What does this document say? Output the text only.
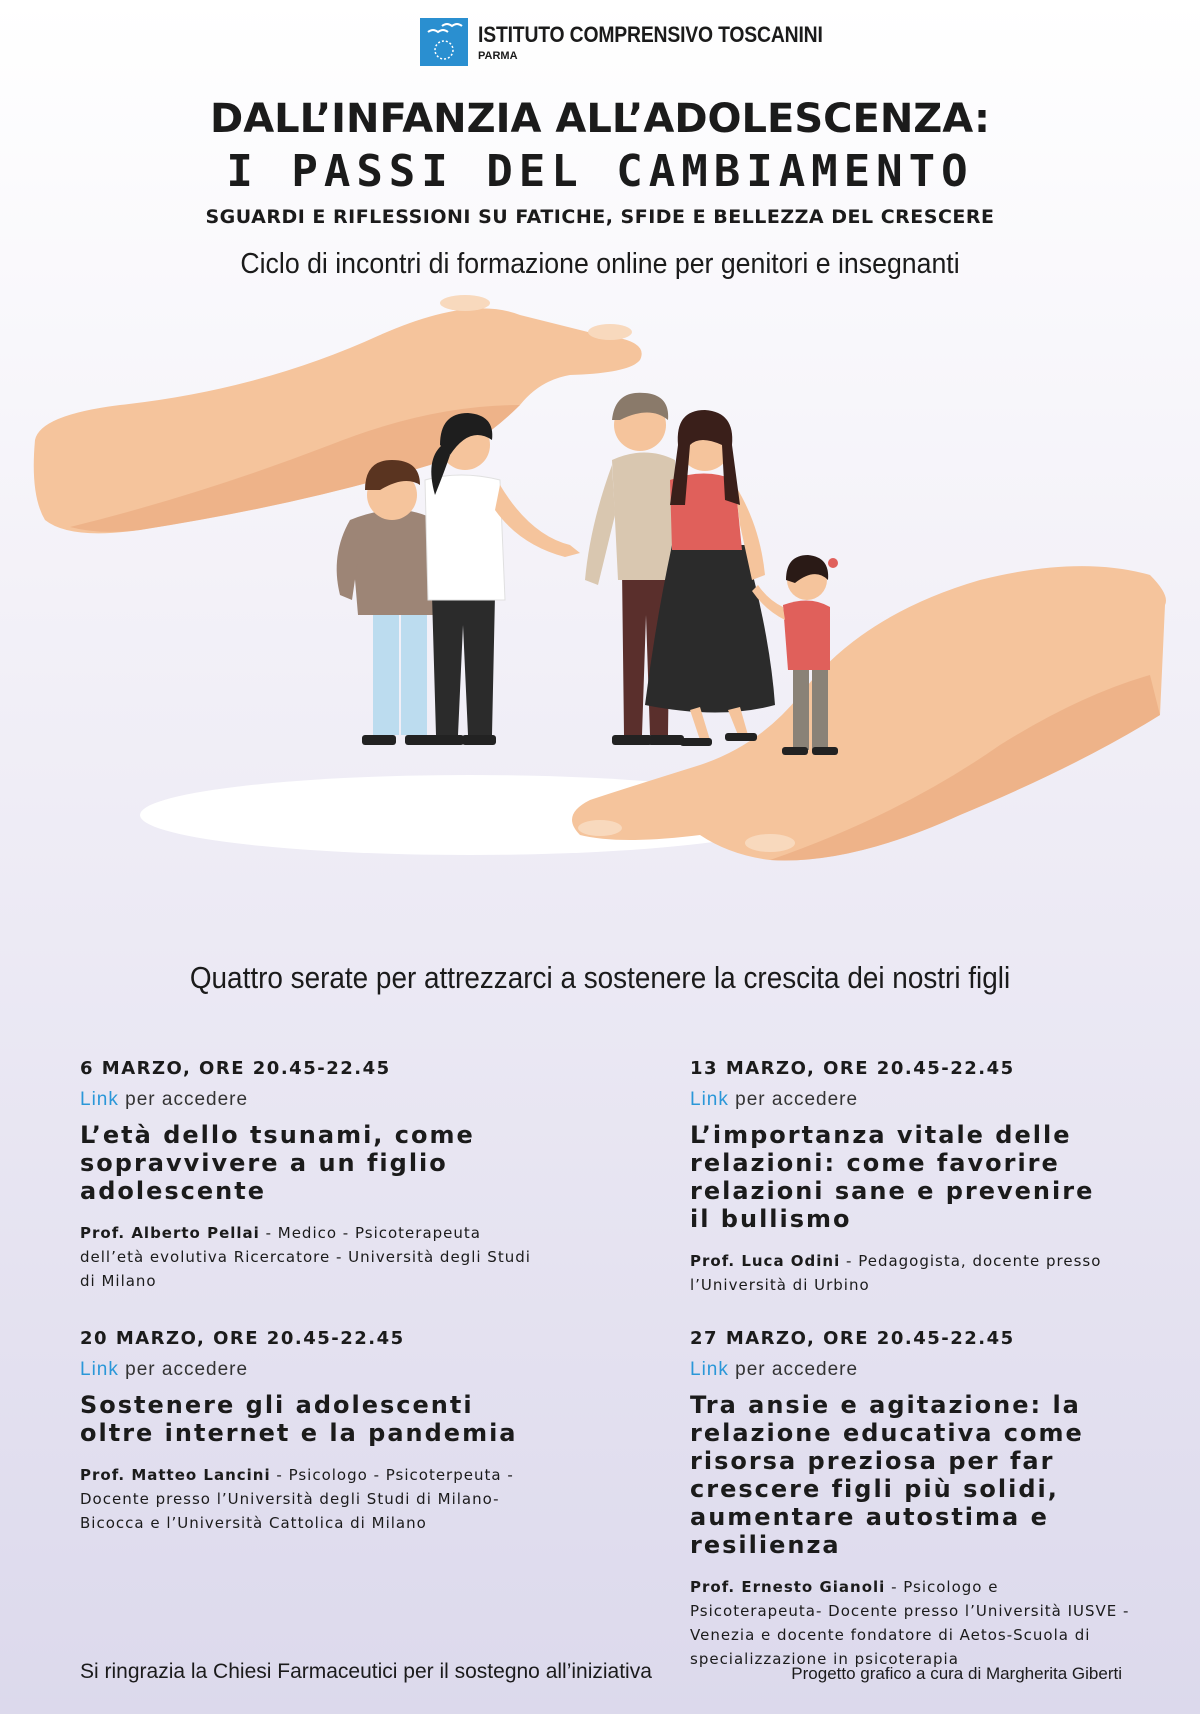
ISTITUTO COMPRENSIVO TOSCANINI
PARMA
DALL’INFANZIA ALL’ADOLESCENZA:
I PASSI DEL CAMBIAMENTO
SGUARDI E RIFLESSIONI SU FATICHE, SFIDE E BELLEZZA DEL CRESCERE
Ciclo di incontri di formazione online per genitori e insegnanti
Quattro serate per attrezzarci a sostenere la crescita dei nostri figli
6 MARZO, ORE 20.45-22.45
Link per accedere
L’età dello tsunami, come sopravvivere a un figlio adolescente
Prof. Alberto Pellai - Medico - Psicoterapeuta dell’età evolutiva Ricercatore - Università degli Studi di Milano
13 MARZO, ORE 20.45-22.45
Link per accedere
L’importanza vitale delle relazioni: come favorire relazioni sane e prevenire il bullismo
Prof. Luca Odini - Pedagogista, docente presso l’Università di Urbino
20 MARZO, ORE 20.45-22.45
Link per accedere
Sostenere gli adolescenti oltre internet e la pandemia
Prof. Matteo Lancini - Psicologo - Psicoterpeuta - Docente presso l’Università degli Studi di Milano-Bicocca e l’Università Cattolica di Milano
27 MARZO, ORE 20.45-22.45
Link per accedere
Tra ansie e agitazione: la relazione educativa come risorsa preziosa per far crescere figli più solidi, aumentare autostima e resilienza
Prof. Ernesto Gianoli - Psicologo e Psicoterapeuta- Docente presso l’Università IUSVE - Venezia e docente fondatore di Aetos-Scuola di specializzazione in psicoterapia
Si ringrazia la Chiesi Farmaceutici per il sostegno all’iniziativa	Progetto grafico a cura di Margherita Giberti
